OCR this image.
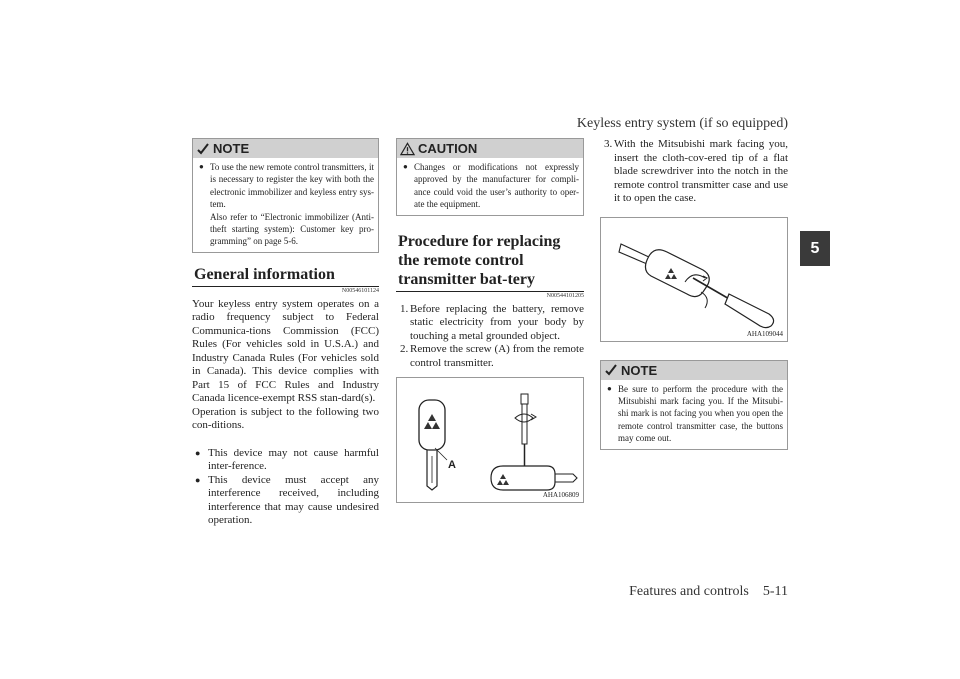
Keyless entry system (if so equipped)
5
Features and controls    5-11
NOTE
● To use the new remote control transmitters, it is necessary to register the key with both the electronic immobilizer and keyless entry sys-tem.

Also refer to “Electronic immobilizer (Anti-theft starting system): Customer key pro-gramming” on page 5-6.

General information
N00546101124

Your keyless entry system operates on a radio frequency subject to Federal Communica-tions Commission (FCC) Rules (For vehicles sold in U.S.A.) and Industry Canada Rules (For vehicles sold in Canada). This device complies with Part 15 of FCC Rules and Industry Canada licence-exempt RSS stan-dard(s).

Operation is subject to the following two con-ditions.

● This device may not cause harmful inter-ference.
● This device must accept any interference received, including interference that may cause undesired operation.
CAUTION
● Changes or modifications not expressly approved by the manufacturer for compli-ance could void the user’s authority to oper-ate the equipment.

Procedure for replacing the remote control transmitter bat-tery
N00544101205
1. Before replacing the battery, remove static electricity from your body by touching a metal grounded object.
2. Remove the screw (A) from the remote control transmitter.
A
AHA106809
3. With the Mitsubishi mark facing you, insert the cloth-cov-ered tip of a flat blade screwdriver into the notch in the remote control transmitter case and use it to open the case.
AHA109044
NOTE
● Be sure to perform the procedure with the Mitsubishi mark facing you. If the Mitsubi-shi mark is not facing you when you open the remote control transmitter case, the buttons may come out.
